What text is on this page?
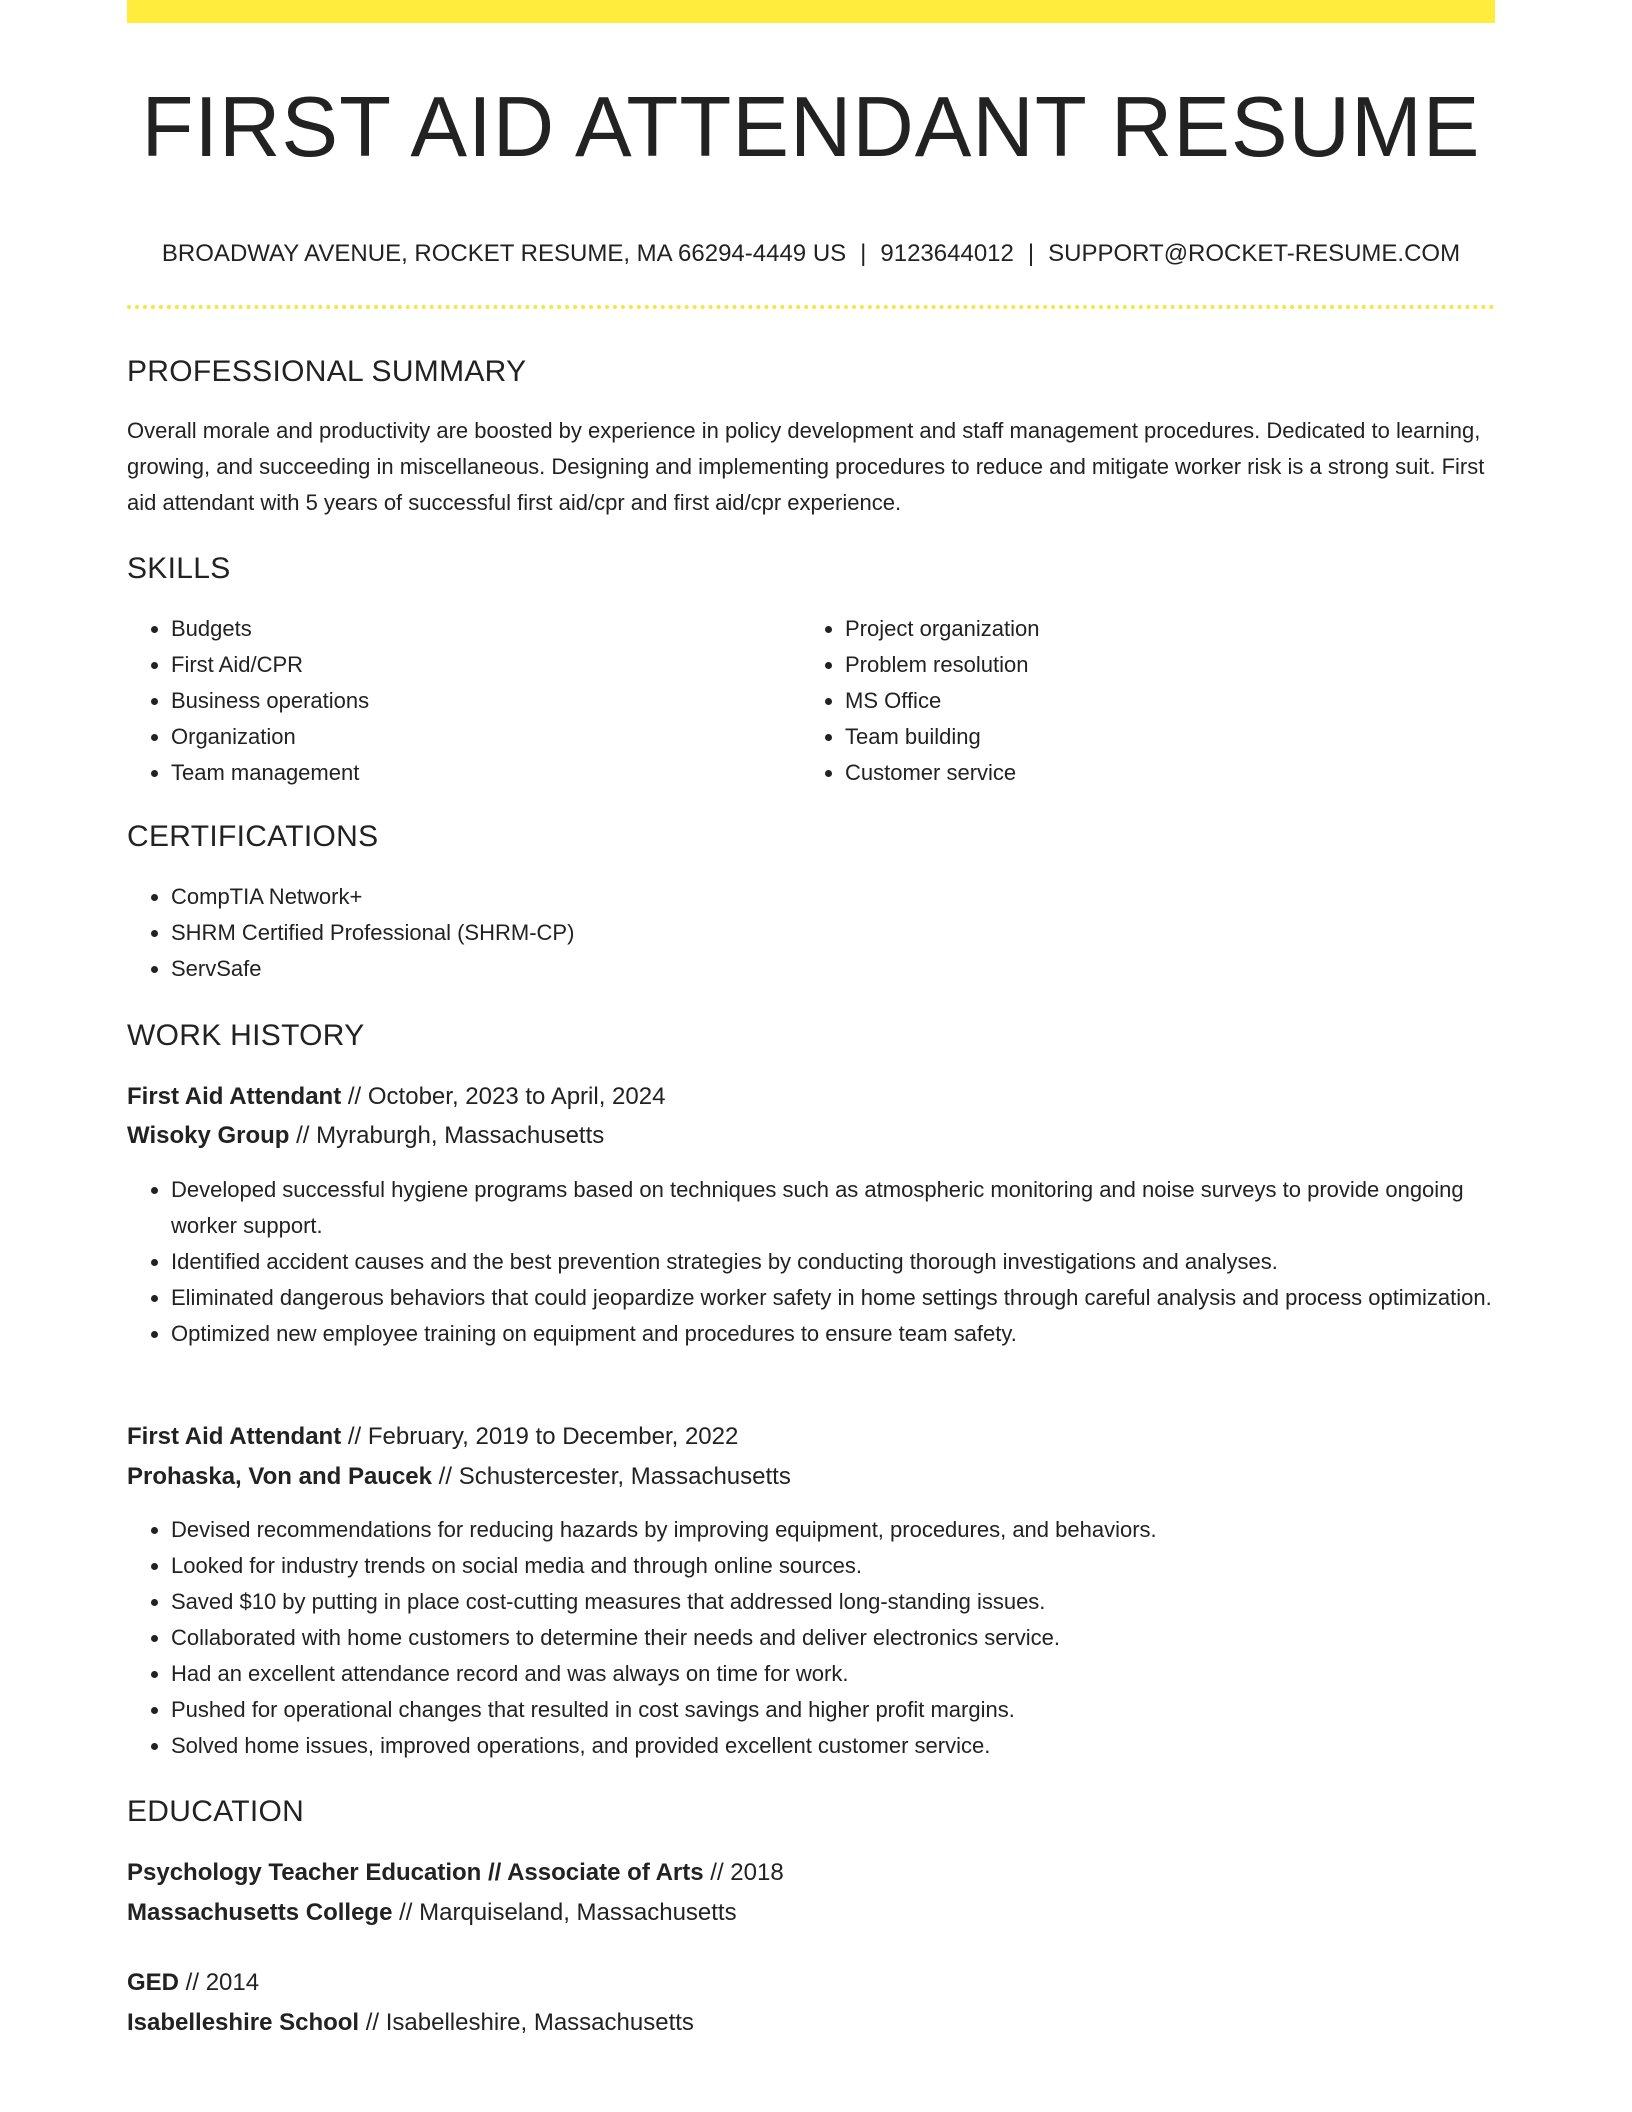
FIRST AID ATTENDANT RESUME
BROADWAY AVENUE, ROCKET RESUME, MA 66294-4449 US | 9123644012 | SUPPORT@ROCKET-RESUME.COM
PROFESSIONAL SUMMARY

Overall morale and productivity are boosted by experience in policy development and staff management procedures. Dedicated to learning, growing, and succeeding in miscellaneous. Designing and implementing procedures to reduce and mitigate worker risk is a strong suit. First aid attendant with 5 years of successful first aid/cpr and first aid/cpr experience.

SKILLS
• Budgets
• First Aid/CPR
• Business operations
• Organization
• Team management
• Project organization
• Problem resolution
• MS Office
• Team building
• Customer service
CERTIFICATIONS
• CompTIA Network+
• SHRM Certified Professional (SHRM-CP)
• ServSafe
WORK HISTORY
First Aid Attendant // October, 2023 to April, 2024
Wisoky Group // Myraburgh, Massachusetts
• Developed successful hygiene programs based on techniques such as atmospheric monitoring and noise surveys to provide ongoing worker support.
• Identified accident causes and the best prevention strategies by conducting thorough investigations and analyses.
• Eliminated dangerous behaviors that could jeopardize worker safety in home settings through careful analysis and process optimization.
• Optimized new employee training on equipment and procedures to ensure team safety.
First Aid Attendant // February, 2019 to December, 2022
Prohaska, Von and Paucek // Schustercester, Massachusetts
• Devised recommendations for reducing hazards by improving equipment, procedures, and behaviors.
• Looked for industry trends on social media and through online sources.
• Saved $10 by putting in place cost-cutting measures that addressed long-standing issues.
• Collaborated with home customers to determine their needs and deliver electronics service.
• Had an excellent attendance record and was always on time for work.
• Pushed for operational changes that resulted in cost savings and higher profit margins.
• Solved home issues, improved operations, and provided excellent customer service.
EDUCATION
Psychology Teacher Education // Associate of Arts // 2018
Massachusetts College // Marquiseland, Massachusetts
GED // 2014
Isabelleshire School // Isabelleshire, Massachusetts
